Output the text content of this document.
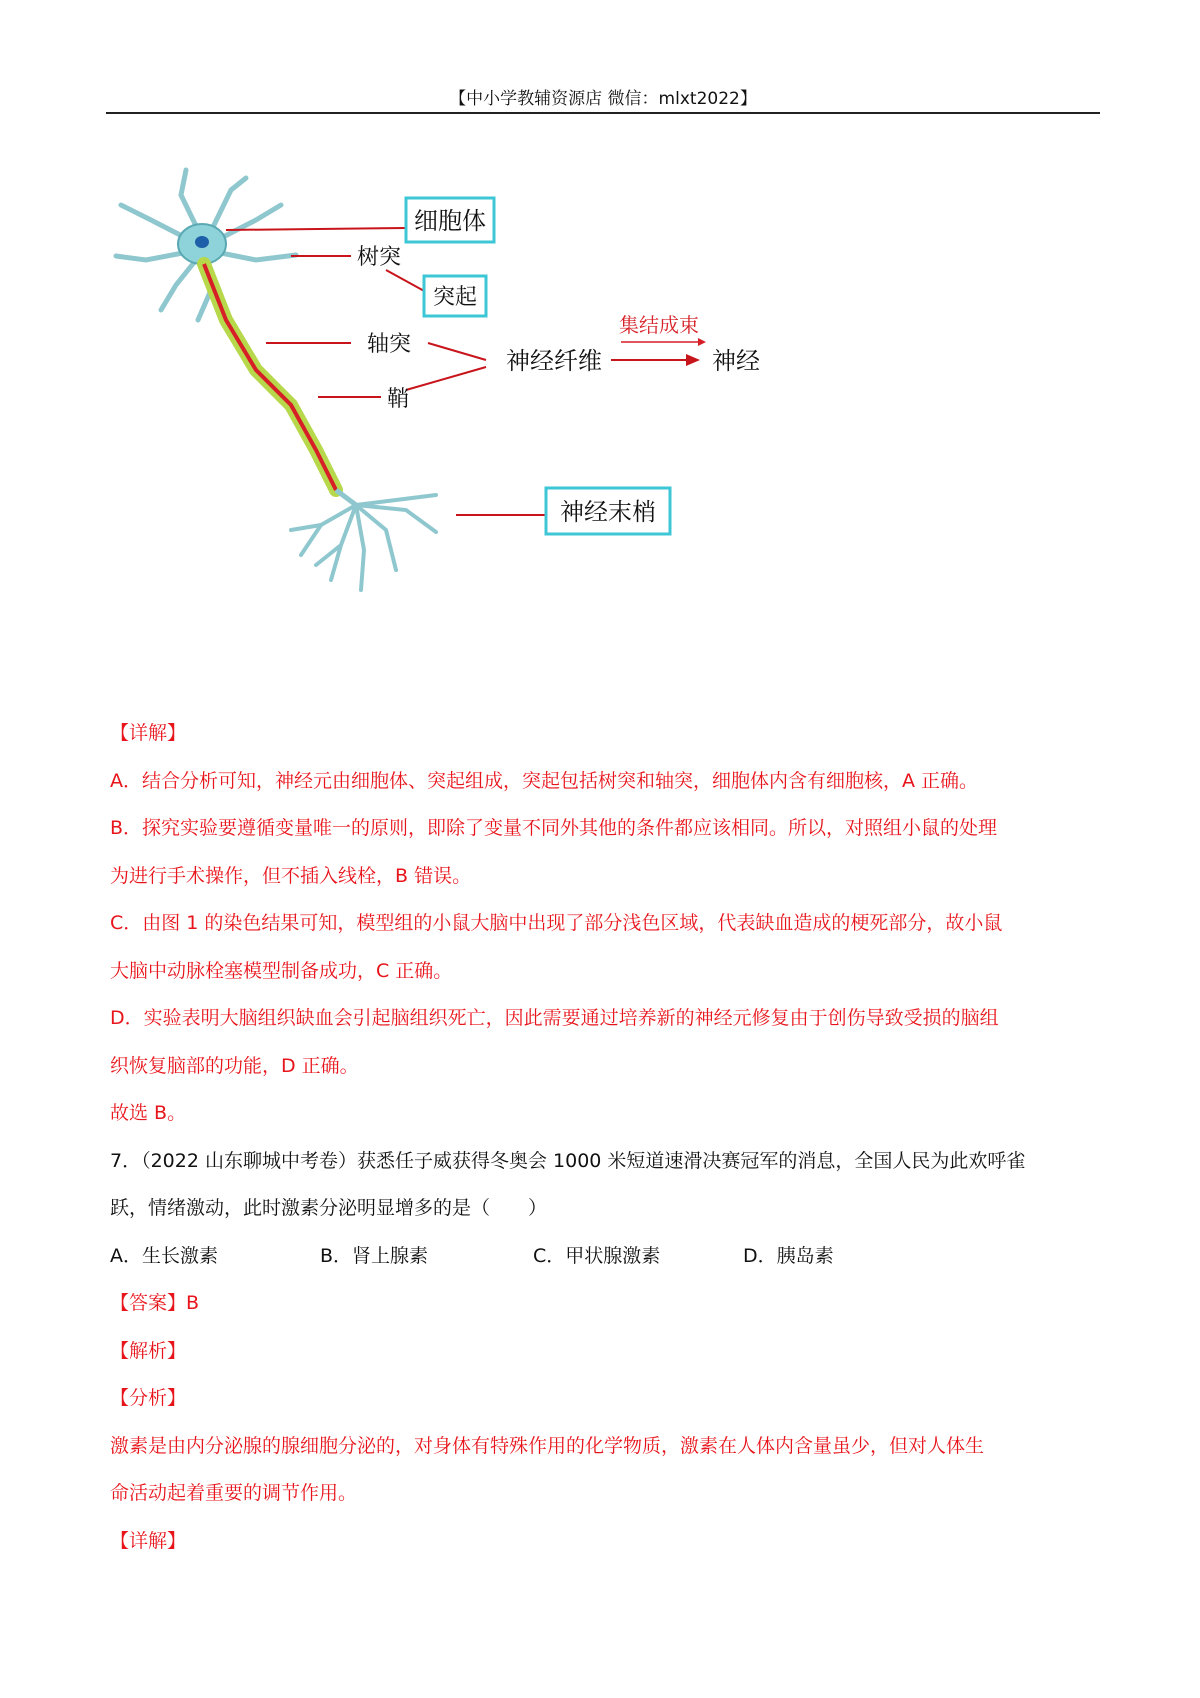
【中小学教辅资源店 微信：mlxt2022】
细胞体
树突
突起
轴突
鞘
神经纤维
集结成束
神经
神经末梢

【详解】

A．结合分析可知，神经元由细胞体、突起组成，突起包括树突和轴突，细胞体内含有细胞核，A 正确。

B．探究实验要遵循变量唯一的原则，即除了变量不同外其他的条件都应该相同。所以，对照组小鼠的处理

为进行手术操作，但不插入线栓，B 错误。

C．由图 1 的染色结果可知，模型组的小鼠大脑中出现了部分浅色区域，代表缺血造成的梗死部分，故小鼠

大脑中动脉栓塞模型制备成功，C 正确。

D．实验表明大脑组织缺血会引起脑组织死亡，因此需要通过培养新的神经元修复由于创伤导致受损的脑组

织恢复脑部的功能，D 正确。

故选 B。

7．（2022 山东聊城中考卷）获悉任子威获得冬奥会 1000 米短道速滑决赛冠军的消息，全国人民为此欢呼雀

跃，情绪激动，此时激素分泌明显增多的是（　　）

A．生长激素	B．肾上腺素	C．甲状腺激素	D．胰岛素

【答案】B

【解析】

【分析】

激素是由内分泌腺的腺细胞分泌的，对身体有特殊作用的化学物质，激素在人体内含量虽少，但对人体生

命活动起着重要的调节作用。

【详解】
